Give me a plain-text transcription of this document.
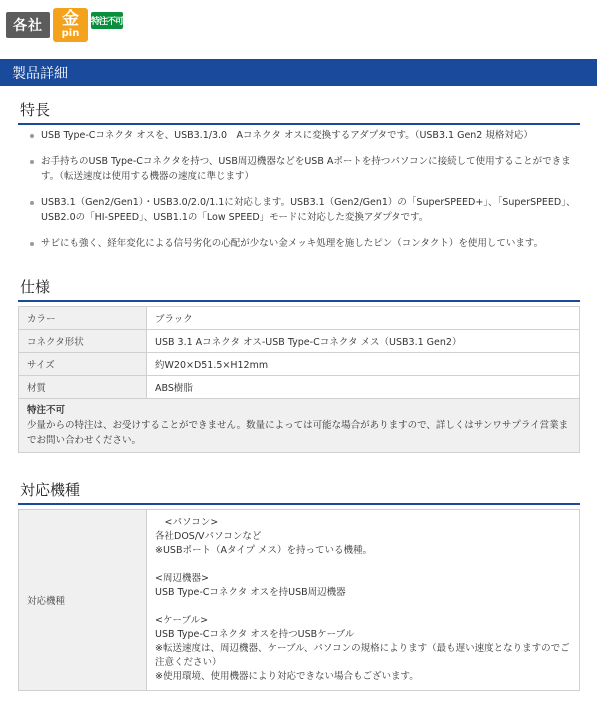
各社	金
pin
特注不可
製品詳細
特長
USB Type-Cコネクタ オスを、USB3.1/3.0　Aコネクタ オスに変換するアダプタです。（USB3.1 Gen2 規格対応）
お手持ちのUSB Type-Cコネクタを持つ、USB周辺機器などをUSB Aポートを持つパソコンに接続して使用することができます。（転送速度は使用する機器の速度に準じます）
USB3.1（Gen2/Gen1）・USB3.0/2.0/1.1に対応します。USB3.1（Gen2/Gen1）の「SuperSPEED+」、「SuperSPEED」、USB2.0の「HI-SPEED」、USB1.1の「Low SPEED」モードに対応した変換アダプタです。
サビにも強く、経年変化による信号劣化の心配が少ない金メッキ処理を施したピン（コンタクト）を使用しています。
仕様
カラー	ブラック
コネクタ形状	USB 3.1 Aコネクタ オス-USB Type-Cコネクタ メス（USB3.1 Gen2）
サイズ	約W20×D51.5×H12mm
材質	ABS樹脂

特注不可
少量からの特注は、お受けすることができません。数量によっては可能な場合がありますので、詳しくはサンワサプライ営業までお問い合わせください。	
対応機種
対応機種	
　<パソコン>
各社DOS/Vパソコンなど
※USBポート（Aタイプ メス）を持っている機種。
<周辺機器>
USB Type-Cコネクタ オスを持USB周辺機器
<ケーブル>
USB Type-Cコネクタ オスを持つUSBケーブル
※転送速度は、周辺機器、ケーブル、パソコンの規格によります（最も遅い速度となりますのでご注意ください）
※使用環境、使用機器により対応できない場合もございます。
